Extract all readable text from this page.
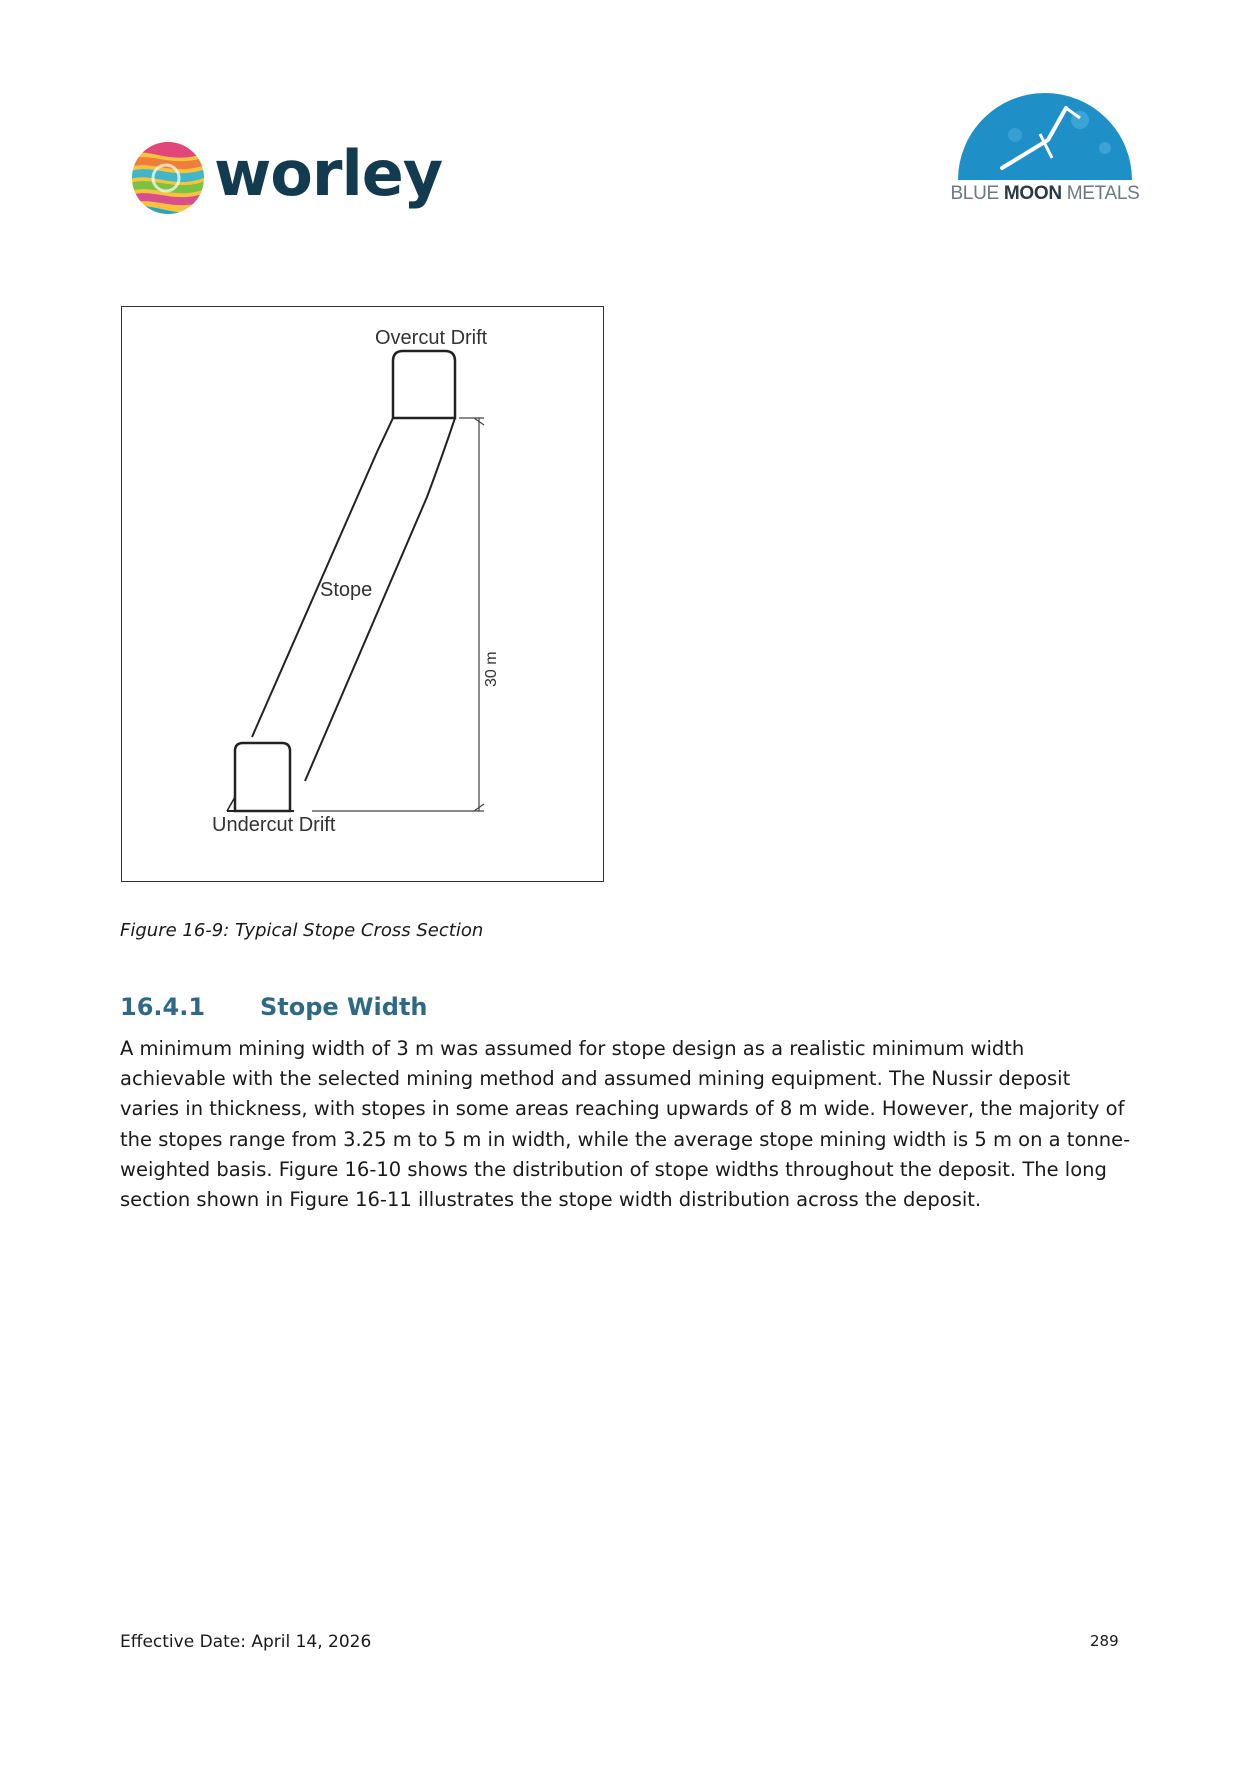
worley	BLUE MOON METALS
Overcut Drift
Stope
30 m
Undercut Drift
Figure 16-9: Typical Stope Cross Section
16.4.1	Stope Width
A minimum mining width of 3 m was assumed for stope design as a realistic minimum width achievable with the selected mining method and assumed mining equipment. The Nussir deposit varies in thickness, with stopes in some areas reaching upwards of 8 m wide. However, the majority of the stopes range from 3.25 m to 5 m in width, while the average stope mining width is 5 m on a tonne-weighted basis. Figure 16-10 shows the distribution of stope widths throughout the deposit. The long section shown in Figure 16-11 illustrates the stope width distribution across the deposit.
Effective Date: April 14, 2026	289
